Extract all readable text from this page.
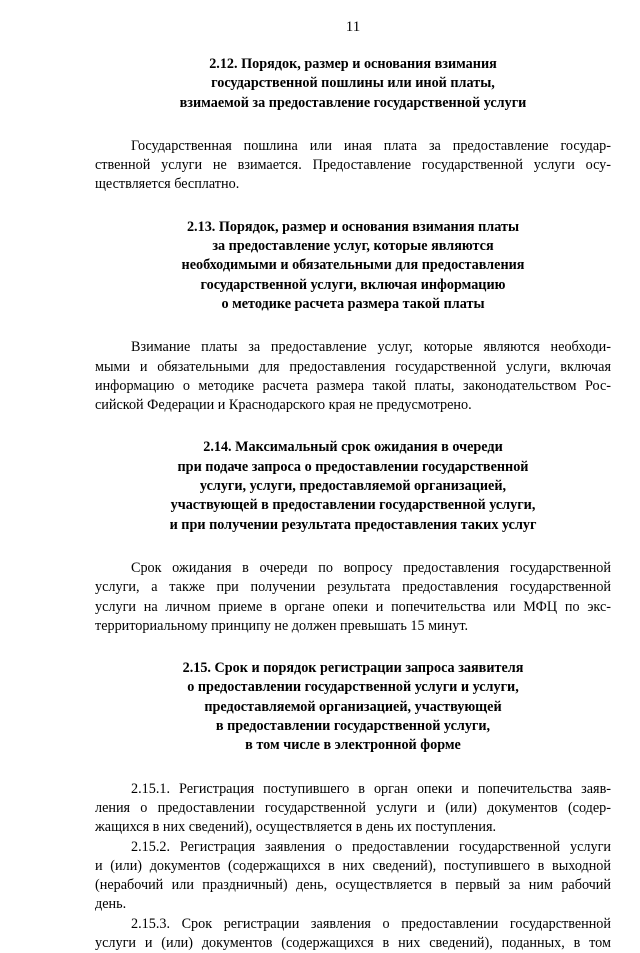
11
2.12. Порядок, размер и основания взимания
государственной пошлины или иной платы,
взимаемой за предоставление государственной услуги
Государственная пошлина или иная плата за предоставление государ-
ственной услуги не взимается. Предоставление государственной услуги осу-
ществляется бесплатно.
2.13. Порядок, размер и основания взимания платы
за предоставление услуг, которые являются
необходимыми и обязательными для предоставления
государственной услуги, включая информацию
о методике расчета размера такой платы
Взимание платы за предоставление услуг, которые являются необходи-
мыми и обязательными для предоставления государственной услуги, включая
информацию о методике расчета размера такой платы, законодательством Рос-
сийской Федерации и Краснодарского края не предусмотрено.
2.14. Максимальный срок ожидания в очереди
при подаче запроса о предоставлении государственной
услуги, услуги, предоставляемой организацией,
участвующей в предоставлении государственной услуги,
и при получении результата предоставления таких услуг
Срок ожидания в очереди по вопросу предоставления государственной
услуги, а также при получении результата предоставления государственной
услуги на личном приеме в органе опеки и попечительства или МФЦ по экс-
территориальному принципу не должен превышать 15 минут.
2.15. Срок и порядок регистрации запроса заявителя
о предоставлении государственной услуги и услуги,
предоставляемой организацией, участвующей
в предоставлении государственной услуги,
в том числе в электронной форме
2.15.1. Регистрация поступившего в орган опеки и попечительства заяв-
ления о предоставлении государственной услуги и (или) документов (содер-
жащихся в них сведений), осуществляется в день их поступления.
2.15.2. Регистрация заявления о предоставлении государственной услуги
и (или) документов (содержащихся в них сведений), поступившего в выходной
(нерабочий или праздничный) день, осуществляется в первый за ним рабочий
день.
2.15.3. Срок регистрации заявления о предоставлении государственной
услуги и (или) документов (содержащихся в них сведений), поданных, в том
